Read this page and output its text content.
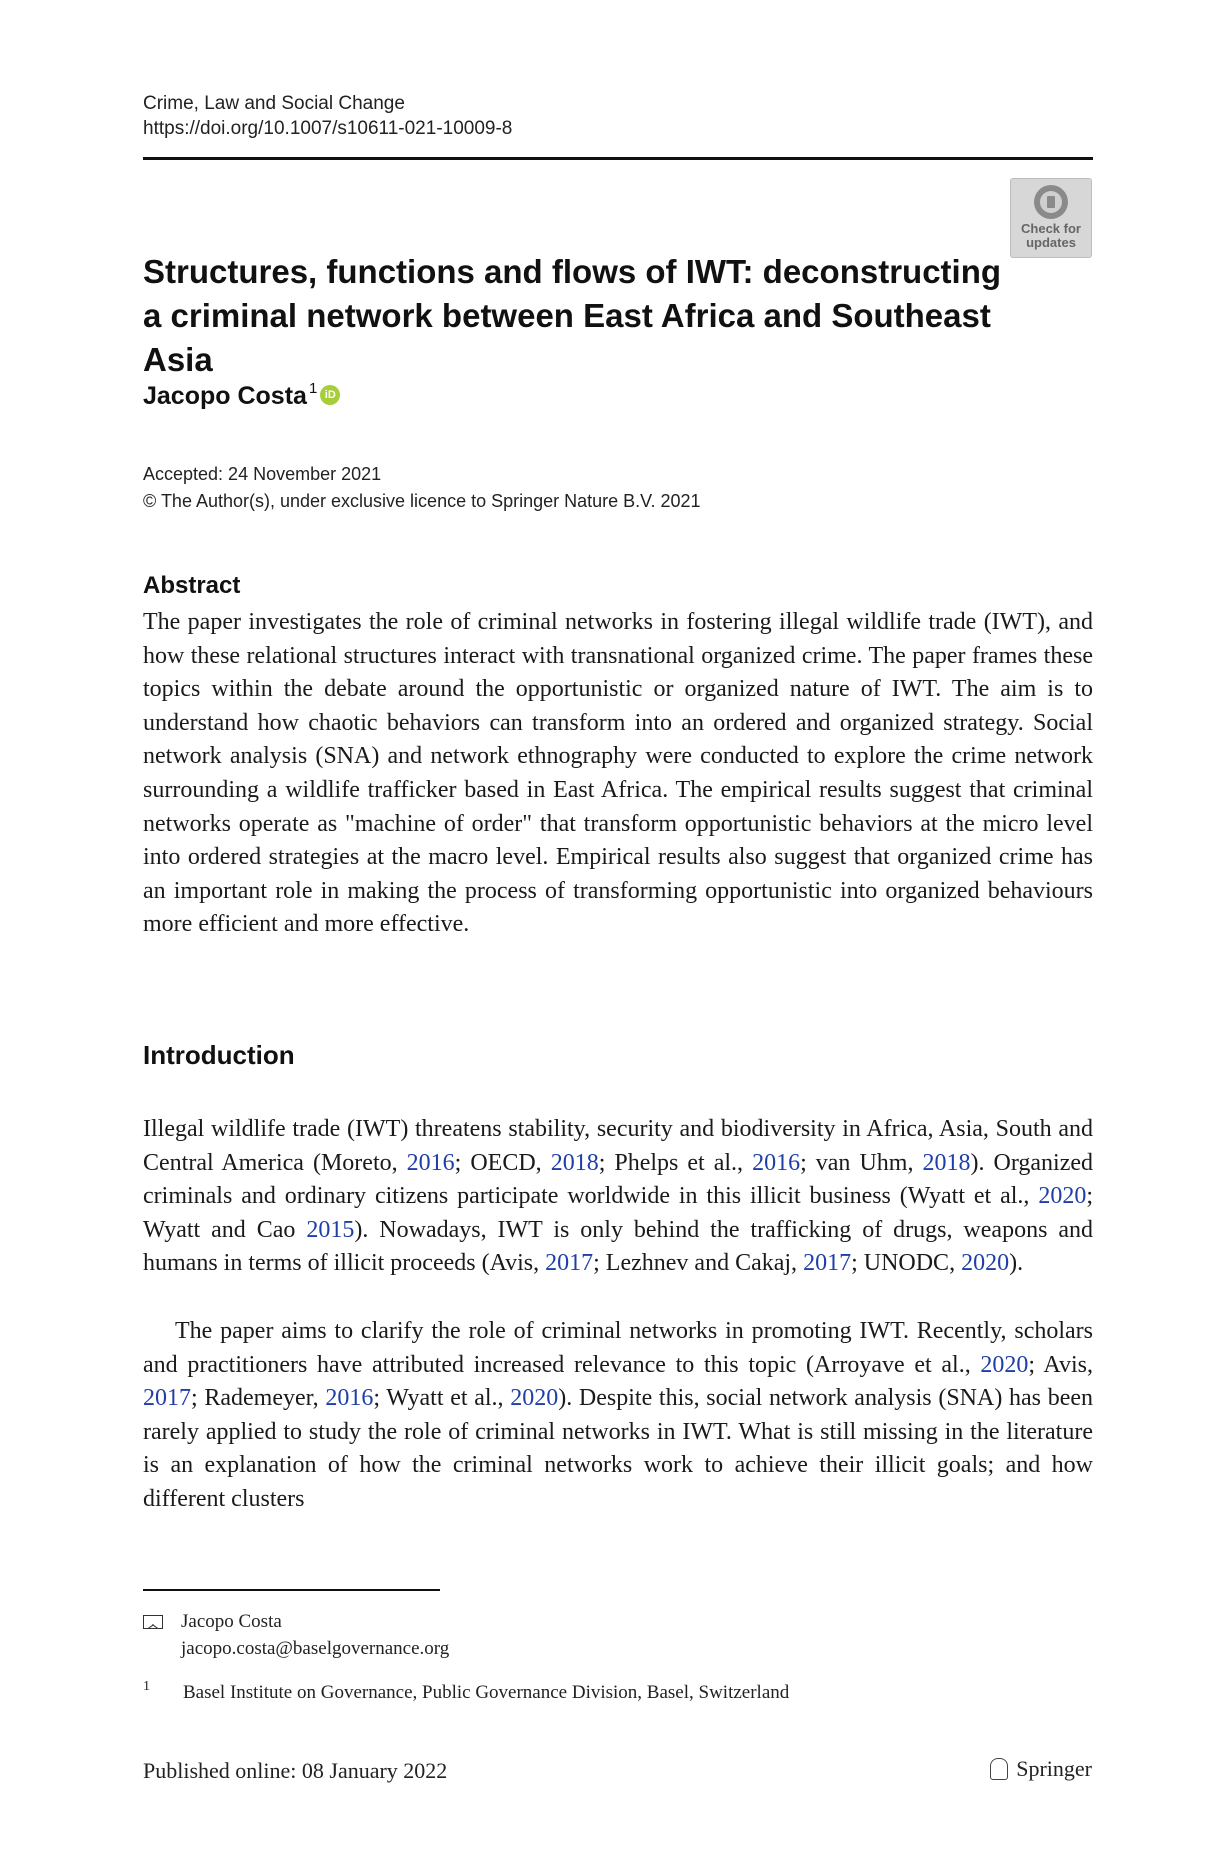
Crime, Law and Social Change
https://doi.org/10.1007/s10611-021-10009-8
Check for
updates
Structures, functions and flows of IWT: deconstructing
a criminal network between East Africa and Southeast Asia
Jacopo Costa$^1$ iD
Accepted: 24 November 2021
© The Author(s), under exclusive licence to Springer Nature B.V. 2021
Abstract

The paper investigates the role of criminal networks in fostering illegal wildlife trade (IWT), and how these relational structures interact with transnational organized crime. The paper frames these topics within the debate around the opportunistic or organized nature of IWT. The aim is to understand how chaotic behaviors can transform into an ordered and organized strategy. Social network analysis (SNA) and network ethnography were conducted to explore the crime network surrounding a wildlife trafficker based in East Africa. The empirical results suggest that criminal networks operate as "machine of order" that transform opportunistic behaviors at the micro level into ordered strategies at the macro level. Empirical results also suggest that organized crime has an important role in making the process of transforming opportunistic into organized behaviours more efficient and more effective.

Introduction

Illegal wildlife trade (IWT) threatens stability, security and biodiversity in Africa, Asia, South and Central America (Moreto, 2016; OECD, 2018; Phelps et al., 2016; van Uhm, 2018). Organized criminals and ordinary citizens participate worldwide in this illicit business (Wyatt et al., 2020; Wyatt and Cao 2015). Nowadays, IWT is only behind the trafficking of drugs, weapons and humans in terms of illicit proceeds (Avis, 2017; Lezhnev and Cakaj, 2017; UNODC, 2020).

The paper aims to clarify the role of criminal networks in promoting IWT. Recently, scholars and practitioners have attributed increased relevance to this topic (Arroyave et al., 2020; Avis, 2017; Rademeyer, 2016; Wyatt et al., 2020). Despite this, social network analysis (SNA) has been rarely applied to study the role of criminal networks in IWT. What is still missing in the literature is an explanation of how the criminal networks work to achieve their illicit goals; and how different clusters

Jacopo Costa
jacopo.costa@baselgovernance.org
1	Basel Institute on Governance, Public Governance Division, Basel, Switzerland
Published online: 08 January 2022	Springer
